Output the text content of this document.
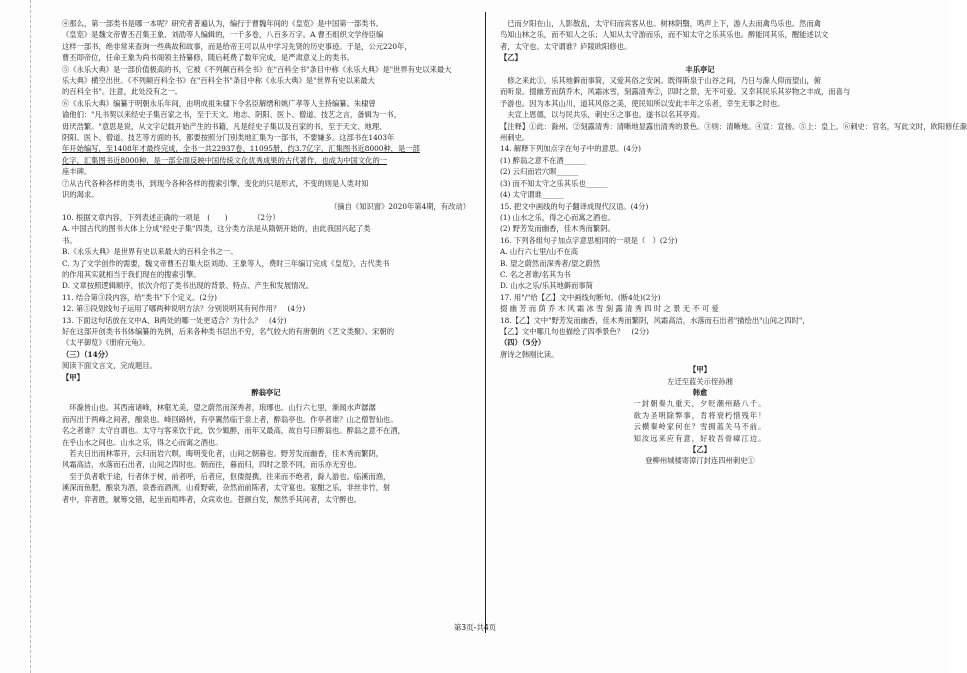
④那么，第一部类书是哪一本呢？研究者普遍认为，编行于曹魏年间的《皇览》是中国第一部类书。

《皇览》是魏文帝曹丕召集王象、刘劭等人编辑的，一千多卷，八百多万字。A 曹丕组织文学侍臣编

这样一部书，绝非常来查询一些典故和故事，而是给帝王可以从中学习先贤的历史事迹。于是，公元220年，

曹丕即帝位，任命王象为尚书阁领主持纂修，随后耗费了数年完成，是严肃意义上的类书。

⑤《永乐大典》是一部价值极高的书，它被《不列颠百科全书》在"百科全书"条目中称《永乐大典》是"世界有史以来最大

乐大典》横空出世。《不列颠百科全书》在"百科全书"条目中称《永乐大典》是"世界有史以来最大

的百科全书"。注意，此处没有之一。

⑥《永乐大典》编纂于明朝永乐年间，由明成祖朱棣下令名臣解缙和姚广孝等人主持编纂。朱棣曾

谕他们："凡书契以来经史子集百家之书，至于天文、地志、阴阳、医卜、僧道、技艺之言，备辑为一书，

毋厌浩繁。"意思是说，从文字记载开始产生的书籍，凡是经史子集以及百家的书，至于天文、地理、

阴阳、医卜、僧道、技艺等方面的书，都要按照分门别类地汇集为一部书，不要嫌多。这部书在1403年

年开始编写，至1408年才最终完成，全书一共22937卷、11095册，约3.7亿字，汇集图书近8000种，是一部

化字，汇集图书近8000种，是一部全面反映中国传统文化优秀成果的古代著作，也成为中国文化的一

座丰碑。

⑦从古代各种各样的类书，到现今各种各样的搜索引擎，变化的只是形式，不变的则是人类对知

识的渴求。

（摘自《知识窗》2020年第4期，有改动）

10. 根据文章内容，下列表述正确的一项是　(　　)　　　　（2分）

A. 中国古代的图书大体上分成"经史子集"四类，这分类方法是从隋朝开始的，由此我国兴起了类

书。

B.《永乐大典》是世界有史以来最大的百科全书之一。

C. 为了文学创作的需要，魏文帝曹丕召集大臣刘劭、王象等人，费时三年编订完成《皇览》，古代类书

的作用其实就相当于我们现在的搜索引擎。

D. 文章按照逻辑顺序，依次介绍了类书出现的背景、特点、产生和发展情况。

11. 结合第③段内容，给"类书"下个定义。(2分)

12. 第⑤段划线句子运用了哪两种说明方法？分别说明其有何作用？　(4分)

13. 下面这句话放在文中A、B两处的哪一处更适合？为什么？　(4分)

好在这部开创类书书体编纂的先例，后来各种类书层出不穷，名气较大的有唐朝的《艺文类聚》、宋朝的

《太平御览》《册府元龟》。

（三）（14分）

阅读下面文言文，完成题目。

【甲】

醉翁亭记

　环滁皆山也。其西南诸峰，林壑尤美，望之蔚然而深秀者，琅琊也。山行六七里，渐闻水声潺潺

而泻出于两峰之间者，酿泉也。峰回路转，有亭翼然临于泉上者，醉翁亭也。作亭者谁？山之僧智仙也。

名之者谁？太守自谓也。太守与客来饮于此，饮少辄醉，而年又最高，故自号曰醉翁也。醉翁之意不在酒，

在乎山水之间也。山水之乐，得之心而寓之酒也。

　若夫日出而林霏开，云归而岩穴暝，晦明变化者，山间之朝暮也。野芳发而幽香，佳木秀而繁阴，

风霜高洁，水落而石出者，山间之四时也。朝而往，暮而归，四时之景不同，而乐亦无穷也。

　至于负者歌于途，行者休于树，前者呼，后者应，伛偻提携，往来而不绝者，滁人游也。临溪而渔，

溪深而鱼肥，酿泉为酒，泉香而酒洌，山肴野蔌，杂然而前陈者，太守宴也。宴酣之乐，非丝非竹，射

者中，弈者胜，觥筹交错，起坐而喧哗者，众宾欢也。苍颜白发，颓然乎其间者，太守醉也。

　已而夕阳在山，人影散乱，太守归而宾客从也。树林阴翳，鸣声上下，游人去而禽鸟乐也。然而禽

鸟知山林之乐，而不知人之乐；人知从太守游而乐，而不知太守之乐其乐也。醉能同其乐，醒能述以文

者，太守也。太守谓谁？庐陵欧阳修也。

【乙】

丰乐亭记

　修之来此①，乐其地僻而事简，又爱其俗之安闲。既得斯泉于山谷之间，乃日与滁人仰而望山，俯

而听泉。掇幽芳而荫乔木，风霜冰雪，刻露清秀②，四时之景，无不可爱。又幸其民乐其岁物之丰成，而喜与

予游也。因为本其山川，道其风俗之美，使民知所以安此丰年之乐者，幸生无事之时也。

　夫宣上恩德，以与民共乐，刺史④之事也。遂书以名其亭焉。

【注释】①此：滁州。②刻露清秀：清晰地显露出清秀的景色。③则：清晰地。④宣：宣扬。⑤上：皇上。⑥刺史：官名，写此文时，欧阳修任滁

州刺史。

14. 解释下列加点字在句子中的意思。(4分)

(1) 醉翁之意不在酒______

(2) 云归而岩穴暝______

(3) 而不知太守之乐其乐也______

(4) 太守谓谁______

15. 把文中画线的句子翻译成现代汉语。(4分)

(1) 山水之乐，得之心而寓之酒也。

(2) 野芳发而幽香，佳木秀而繁阴。

16. 下列各组句子加点字意思相同的一项是（　）(2分)

A. 山行六七里/山不在高

B. 望之蔚然而深秀者/望之蔚然

C. 名之者谁/名其为书

D. 山水之乐/乐其地僻而事简

17. 用"/"给【乙】文中画线句断句。(断4处)(2分)

掇 幽 芳 而 荫 乔 木 风 霜 冰 雪 刻 露 清 秀 四 时 之 景 无 不 可 爱

18.【乙】文中"野芳发而幽香，佳木秀而繁阴，风霜高洁，水落而石出者"描绘出"山间之四时"，

【乙】文中哪几句也描绘了四季景色？　(2分)

（四）（5分）

唐诗之韩刚比读。

【甲】

左迁至蓝关示侄孙湘

韩愈

一封朝奏九重天，夕贬潮州路八千。

欲为圣明除弊事，肯将衰朽惜残年！

云横秦岭家何在？雪拥蓝关马不前。

知汝远来应有意，好收吾骨瘴江边。

【乙】

登柳州城楼寄漳汀封连四州刺史①

第3页-共4页
